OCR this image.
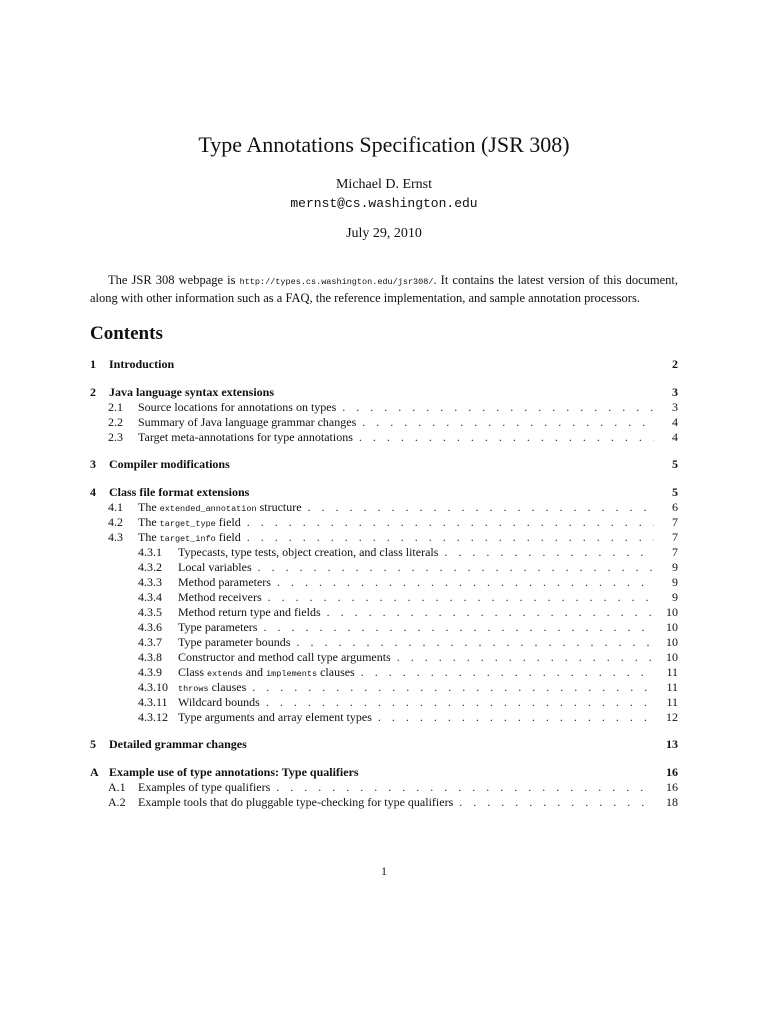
Type Annotations Specification (JSR 308)
Michael D. Ernst
mernst@cs.washington.edu
July 29, 2010
The JSR 308 webpage is http://types.cs.washington.edu/jsr308/. It contains the latest version of this document, along with other information such as a FAQ, the reference implementation, and sample annotation processors.
Contents
1	Introduction	2
2	Java language syntax extensions	3
2.1	Source locations for annotations on types . . .	3
2.2	Summary of Java language grammar changes . . .	4
2.3	Target meta-annotations for type annotations . . .	4
3	Compiler modifications	5
4	Class file format extensions	5
4.1	The extended_annotation structure . . .	6
4.2	The target_type field . . .	7
4.3	The target_info field . . .	7
4.3.1	Typecasts, type tests, object creation, and class literals . . .	7
4.3.2	Local variables . . .	9
4.3.3	Method parameters . . .	9
4.3.4	Method receivers . . .	9
4.3.5	Method return type and fields . . .	10
4.3.6	Type parameters . . .	10
4.3.7	Type parameter bounds . . .	10
4.3.8	Constructor and method call type arguments . . .	10
4.3.9	Class extends and implements clauses . . .	11
4.3.10	throws clauses . . .	11
4.3.11 Wildcard bounds . . .	11
4.3.12 Type arguments and array element types . . .	12
5	Detailed grammar changes	13
A Example use of type annotations: Type qualifiers	16
A.1	Examples of type qualifiers . . .	16
A.2	Example tools that do pluggable type-checking for type qualifiers . . .	18
1
